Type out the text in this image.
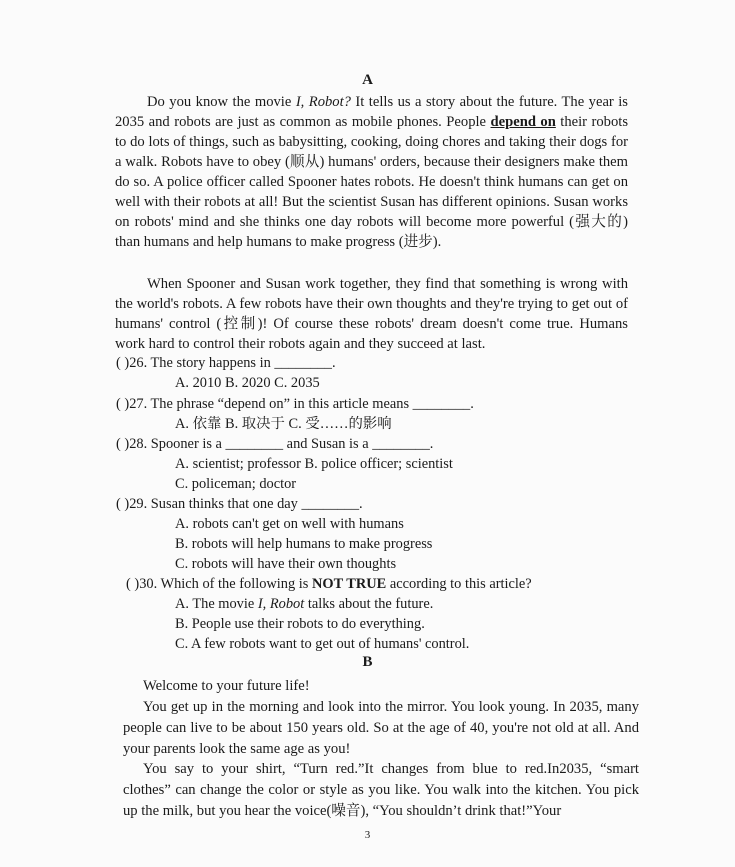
A
Do you know the movie I, Robot? It tells us a story about the future. The year is 2035 and robots are just as common as mobile phones. People depend on their robots to do lots of things, such as babysitting, cooking, doing chores and taking their dogs for a walk. Robots have to obey (顺从) humans' orders, because their designers make them do so. A police officer called Spooner hates robots. He doesn't think humans can get on well with their robots at all! But the scientist Susan has different opinions. Susan works on robots' mind and she thinks one day robots will become more powerful (强大的) than humans and help humans to make progress (进步).
When Spooner and Susan work together, they find that something is wrong with the world's robots. A few robots have their own thoughts and they're trying to get out of humans' control (控制)! Of course these robots' dream doesn't come true. Humans work hard to control their robots again and they succeed at last.
( )26. The story happens in ________.
A. 2010 B. 2020 C. 2035
( )27. The phrase “depend on” in this article means ________.
A. 依靠 B. 取决于 C. 受……的影响
( )28. Spooner is a ________ and Susan is a ________.
A. scientist; professor B. police officer; scientist
C. policeman; doctor
( )29. Susan thinks that one day ________.
A. robots can't get on well with humans
B. robots will help humans to make progress
C. robots will have their own thoughts
( )30. Which of the following is NOT TRUE according to this article?
A. The movie I, Robot talks about the future.
B. People use their robots to do everything.
C. A few robots want to get out of humans' control.
B
Welcome to your future life!
You get up in the morning and look into the mirror. You look young. In 2035, many people can live to be about 150 years old. So at the age of 40, you're not old at all. And your parents look the same age as you!
You say to your shirt, “Turn red.”It changes from blue to red.In2035, “smart clothes” can change the color or style as you like. You walk into the kitchen. You pick up the milk, but you hear the voice(噪音), “You shouldn’t drink that!”Your
3
